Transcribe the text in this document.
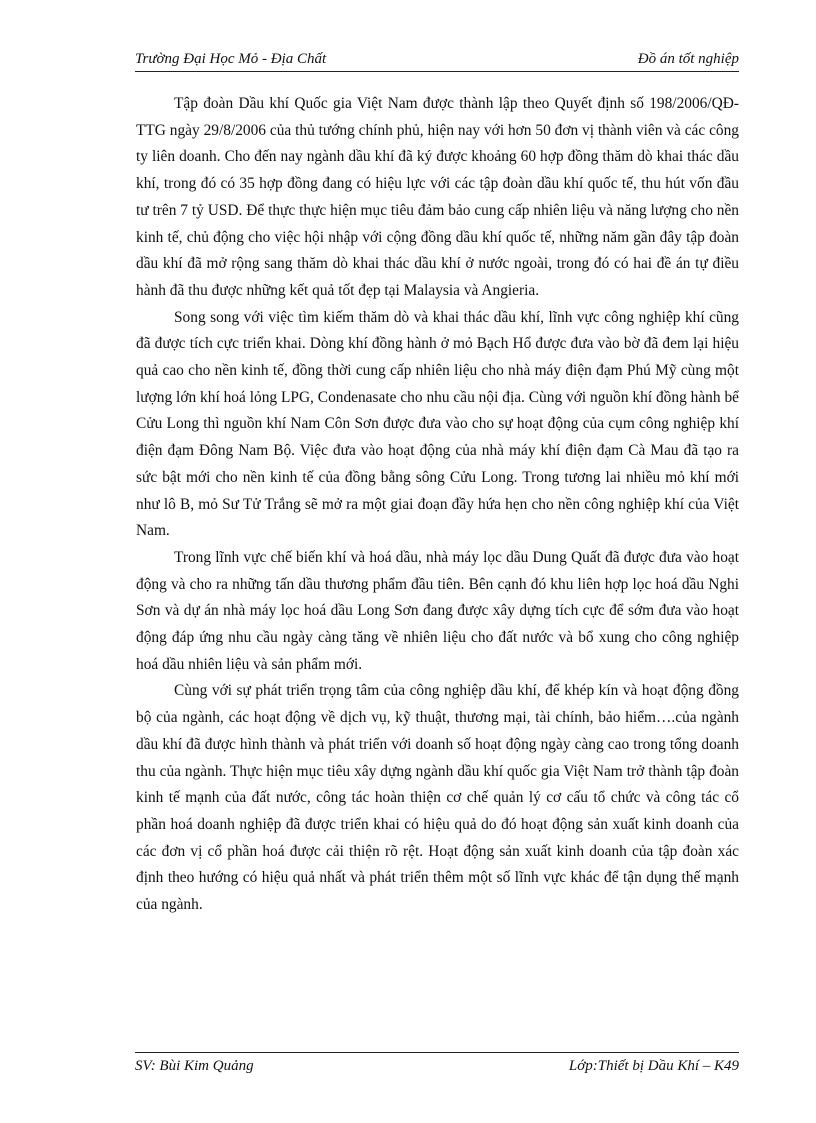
Trường Đại Học Mỏ - Địa Chất	Đồ án tốt nghiệp

Tập đoàn Dầu khí Quốc gia Việt Nam được thành lập theo Quyết định số 198/2006/QĐ-TTG ngày 29/8/2006 của thủ tướng chính phủ, hiện nay với hơn 50 đơn vị thành viên và các công ty liên doanh. Cho đến nay ngành dầu khí đã ký được khoảng 60 hợp đồng thăm dò khai thác dầu khí, trong đó có 35 hợp đồng đang có hiệu lực với các tập đoàn dầu khí quốc tế, thu hút vốn đầu tư trên 7 tỷ USD. Để thực thực hiện mục tiêu đảm bảo cung cấp nhiên liệu và năng lượng cho nền kinh tế, chủ động cho việc hội nhập với cộng đồng dầu khí quốc tế, những năm gần đây tập đoàn dầu khí đã mở rộng sang thăm dò khai thác dầu khí ở nước ngoài, trong đó có hai đề án tự điều hành đã thu được những kết quả tốt đẹp tại Malaysia và Angieria.

Song song với việc tìm kiếm thăm dò và khai thác dầu khí, lĩnh vực công nghiệp khí cũng đã được tích cực triển khai. Dòng khí đồng hành ở mỏ Bạch Hổ được đưa vào bờ đã đem lại hiệu quả cao cho nền kinh tế, đồng thời cung cấp nhiên liệu cho nhà máy điện đạm Phú Mỹ cùng một lượng lớn khí hoá lỏng LPG, Condenasate cho nhu cầu nội địa. Cùng với nguồn khí đồng hành bể Cửu Long thì nguồn khí Nam Côn Sơn được đưa vào cho sự hoạt động của cụm công nghiệp khí điện đạm Đông Nam Bộ. Việc đưa vào hoạt động của nhà máy khí điện đạm Cà Mau đã tạo ra sức bật mới cho nền kinh tế của đồng bằng sông Cửu Long. Trong tương lai nhiều mỏ khí mới như lô B, mỏ Sư Tử Trắng sẽ mở ra một giai đoạn đầy hứa hẹn cho nền công nghiệp khí của Việt Nam.

Trong lĩnh vực chế biến khí và hoá dầu, nhà máy lọc dầu Dung Quất đã được đưa vào hoạt động và cho ra những tấn dầu thương phẩm đầu tiên. Bên cạnh đó khu liên hợp lọc hoá dầu Nghi Sơn và dự án nhà máy lọc hoá dầu Long Sơn đang được xây dựng tích cực để sớm đưa vào hoạt động đáp ứng nhu cầu ngày càng tăng về nhiên liệu cho đất nước và bổ xung cho công nghiệp hoá dầu nhiên liệu và sản phẩm mới.

Cùng với sự phát triển trọng tâm của công nghiệp dầu khí, để khép kín và hoạt động đồng bộ của ngành, các hoạt động về dịch vụ, kỹ thuật, thương mại, tài chính, bảo hiểm….của ngành dầu khí đã được hình thành và phát triển với doanh số hoạt động ngày càng cao trong tổng doanh thu của ngành. Thực hiện mục tiêu xây dựng ngành dầu khí quốc gia Việt Nam trở thành tập đoàn kinh tế mạnh của đất nước, công tác hoàn thiện cơ chế quản lý cơ cấu tổ chức và công tác cổ phần hoá doanh nghiệp đã được triển khai có hiệu quả do đó hoạt động sản xuất kinh doanh của các đơn vị cổ phần hoá được cải thiện rõ rệt. Hoạt động sản xuất kinh doanh của tập đoàn xác định theo hướng có hiệu quả nhất và phát triển thêm một số lĩnh vực khác để tận dụng thế mạnh của ngành.

SV: Bùi Kim Quảng	Lớp:Thiết bị Dầu Khí – K49
